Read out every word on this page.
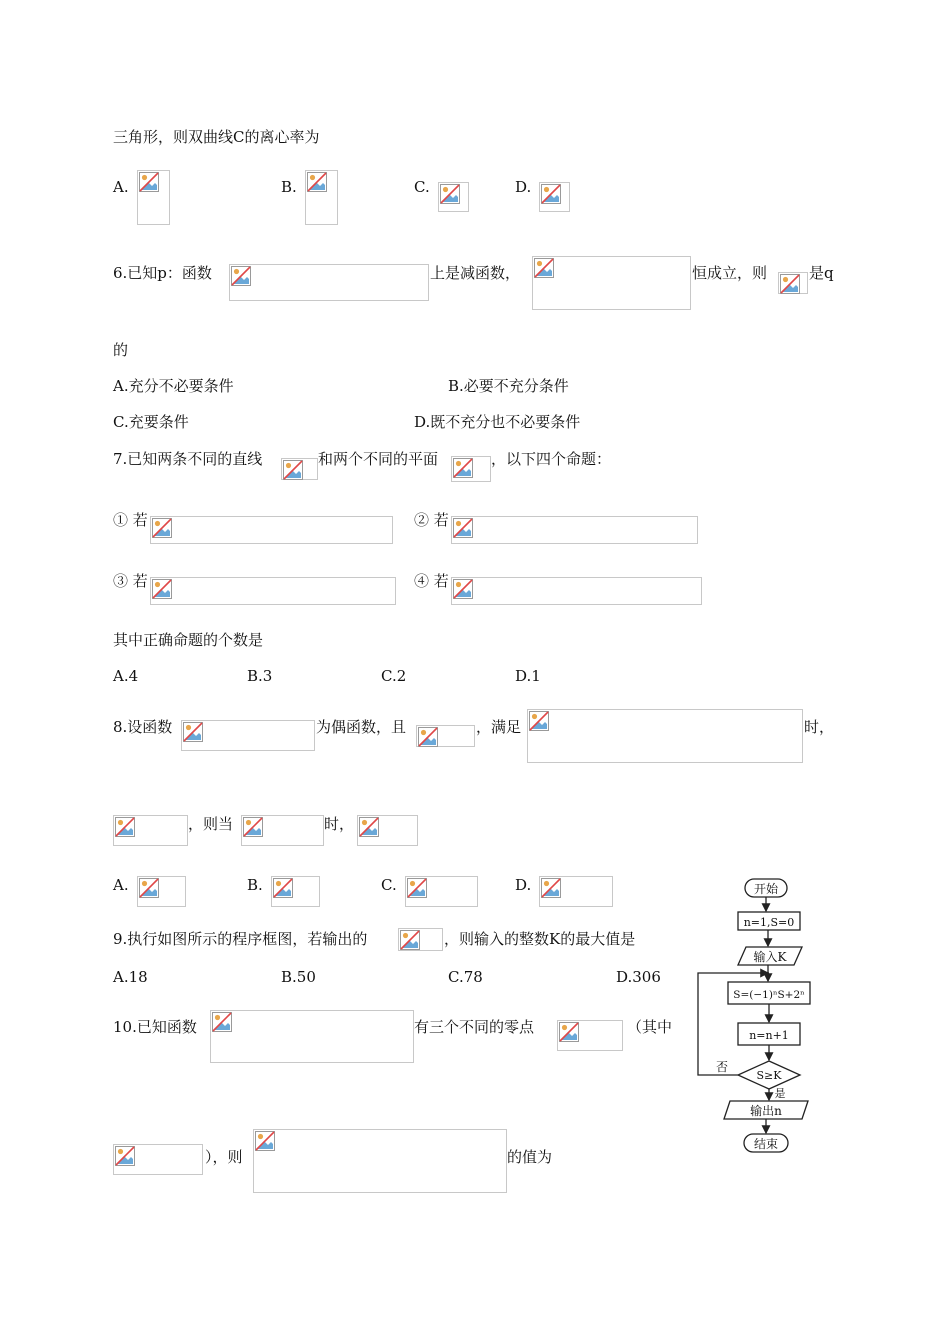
三角形，则双曲线C的离心率为
A.	B.	C.	D.
6.已知p：函数	上是减函数，	恒成立，则	是q
的
A.充分不必要条件	B.必要不充分条件
C.充要条件	D.既不充分也不必要条件
7.已知两条不同的直线	和两个不同的平面	，以下四个命题：
① 若	② 若
③ 若	④ 若
其中正确命题的个数是
A.4	B.3	C.2	D.1
8.设函数	为偶函数，且	，满足	时，
，则当	时，
A.	B.	C.	D.
9.执行如图所示的程序框图，若输出的	，则输入的整数K的最大值是
A.18	B.50	C.78	D.306
10.已知函数	有三个不同的零点	（其中
），则	的值为
开始
n=1,S=0
输入K
S=(−1)ⁿS+2ⁿ
n=n+1
S≥K
否
是
输出n
结束
